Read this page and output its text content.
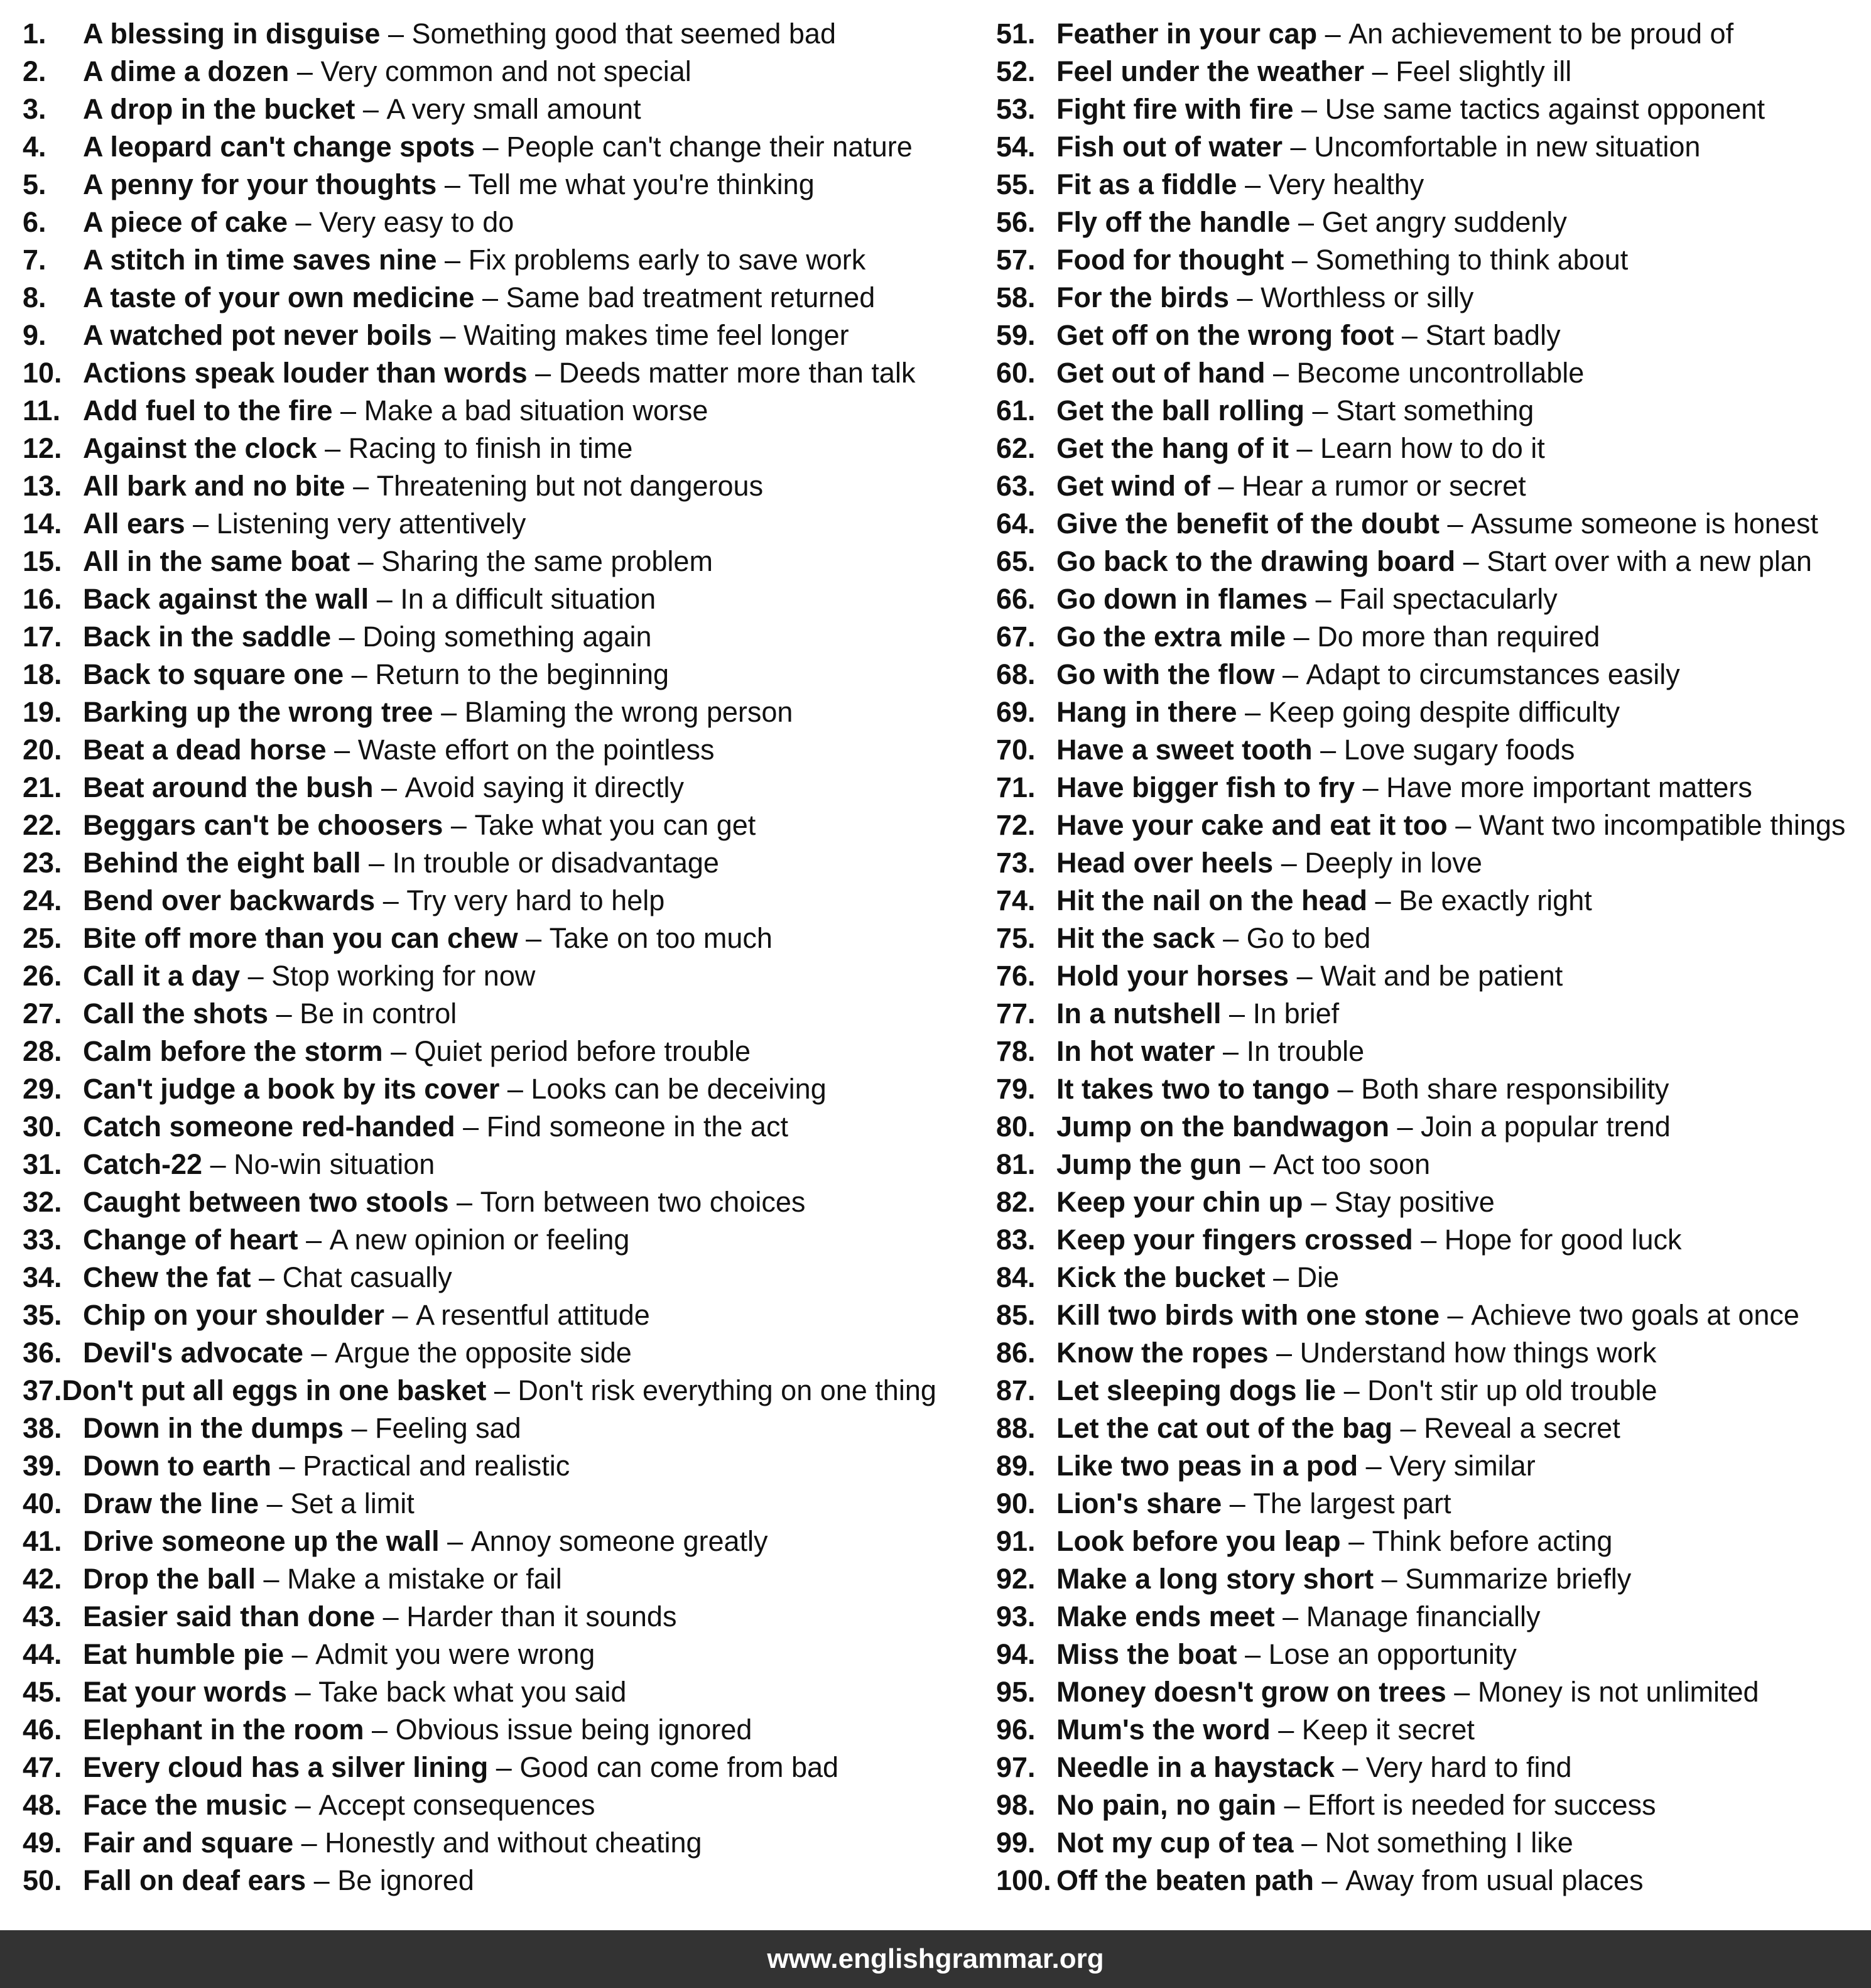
1.	A blessing in disguise
–
Something good that seemed bad
2.	A dime a dozen
–
Very common and not special
3.	A drop in the bucket
–
A very small amount
4.	A leopard can't change spots
–
People can't change their nature
5.	A penny for your thoughts
–
Tell me what you're thinking
6.	A piece of cake
–
Very easy to do
7.	A stitch in time saves nine
–
Fix problems early to save work
8.	A taste of your own medicine
–
Same bad treatment returned
9.	A watched pot never boils
–
Waiting makes time feel longer
10. Actions speak louder than words
–
Deeds matter more than talk
11. Add fuel to the fire
–
Make a bad situation worse
12. Against the clock
–
Racing to finish in time
13. All bark and no bite
–
Threatening but not dangerous
14. All ears
–
Listening very attentively
15. All in the same boat
–
Sharing the same problem
16. Back against the wall
–
In a difficult situation
17. Back in the saddle
–
Doing something again
18. Back to square one
–
Return to the beginning
19. Barking up the wrong tree
–
Blaming the wrong person
20. Beat a dead horse
–
Waste effort on the pointless
21. Beat around the bush
–
Avoid saying it directly
22. Beggars can't be choosers
–
Take what you can get
23. Behind the eight ball
–
In trouble or disadvantage
24. Bend over backwards
–
Try very hard to help
25. Bite off more than you can chew
–
Take on too much
26. Call it a day
–
Stop working for now
27. Call the shots
–
Be in control
28. Calm before the storm
–
Quiet period before trouble
29. Can't judge a book by its cover
–
Looks can be deceiving
30. Catch someone red-handed
–
Find someone in the act
31. Catch-22
–
No-win situation
32. Caught between two stools
–
Torn between two choices
33. Change of heart
–
A new opinion or feeling
34. Chew the fat
–
Chat casually
35. Chip on your shoulder
–
A resentful attitude
36. Devil's advocate
–
Argue the opposite side
37. Don't put all eggs in one basket
–
Don't risk everything on one thing
38. Down in the dumps
–
Feeling sad
39. Down to earth
–
Practical and realistic
40. Draw the line
–
Set a limit
41. Drive someone up the wall
–
Annoy someone greatly
42. Drop the ball
–
Make a mistake or fail
43. Easier said than done
–
Harder than it sounds
44. Eat humble pie
–
Admit you were wrong
45. Eat your words
–
Take back what you said
46. Elephant in the room
–
Obvious issue being ignored
47. Every cloud has a silver lining
–
Good can come from bad
48. Face the music
–
Accept consequences
49. Fair and square
–
Honestly and without cheating
50. Fall on deaf ears
–
Be ignored
51. Feather in your cap
–
An achievement to be proud of
52. Feel under the weather
–
Feel slightly ill
53. Fight fire with fire
–
Use same tactics against opponent
54. Fish out of water
–
Uncomfortable in new situation
55. Fit as a fiddle
–
Very healthy
56. Fly off the handle
–
Get angry suddenly
57. Food for thought
–
Something to think about
58. For the birds
–
Worthless or silly
59. Get off on the wrong foot
–
Start badly
60. Get out of hand
–
Become uncontrollable
61. Get the ball rolling
–
Start something
62. Get the hang of it
–
Learn how to do it
63. Get wind of
–
Hear a rumor or secret
64. Give the benefit of the doubt
–
Assume someone is honest
65. Go back to the drawing board
–
Start over with a new plan
66. Go down in flames
–
Fail spectacularly
67. Go the extra mile
–
Do more than required
68. Go with the flow
–
Adapt to circumstances easily
69. Hang in there
–
Keep going despite difficulty
70. Have a sweet tooth
–
Love sugary foods
71. Have bigger fish to fry
–
Have more important matters
72. Have your cake and eat it too
–
Want two incompatible things
73. Head over heels
–
Deeply in love
74. Hit the nail on the head
–
Be exactly right
75. Hit the sack
–
Go to bed
76. Hold your horses
–
Wait and be patient
77. In a nutshell
–
In brief
78. In hot water
–
In trouble
79. It takes two to tango
–
Both share responsibility
80. Jump on the bandwagon
–
Join a popular trend
81. Jump the gun
–
Act too soon
82. Keep your chin up
–
Stay positive
83. Keep your fingers crossed
–
Hope for good luck
84. Kick the bucket
–
Die
85. Kill two birds with one stone
–
Achieve two goals at once
86. Know the ropes
–
Understand how things work
87. Let sleeping dogs lie
–
Don't stir up old trouble
88. Let the cat out of the bag
–
Reveal a secret
89. Like two peas in a pod
–
Very similar
90. Lion's share
–
The largest part
91. Look before you leap
–
Think before acting
92. Make a long story short
–
Summarize briefly
93. Make ends meet
–
Manage financially
94. Miss the boat
–
Lose an opportunity
95. Money doesn't grow on trees
–
Money is not unlimited
96. Mum's the word
–
Keep it secret
97. Needle in a haystack
–
Very hard to find
98. No pain, no gain
–
Effort is needed for success
99. Not my cup of tea
–
Not something I like
100. Off the beaten path
–
Away from usual places
www.englishgrammar.org
